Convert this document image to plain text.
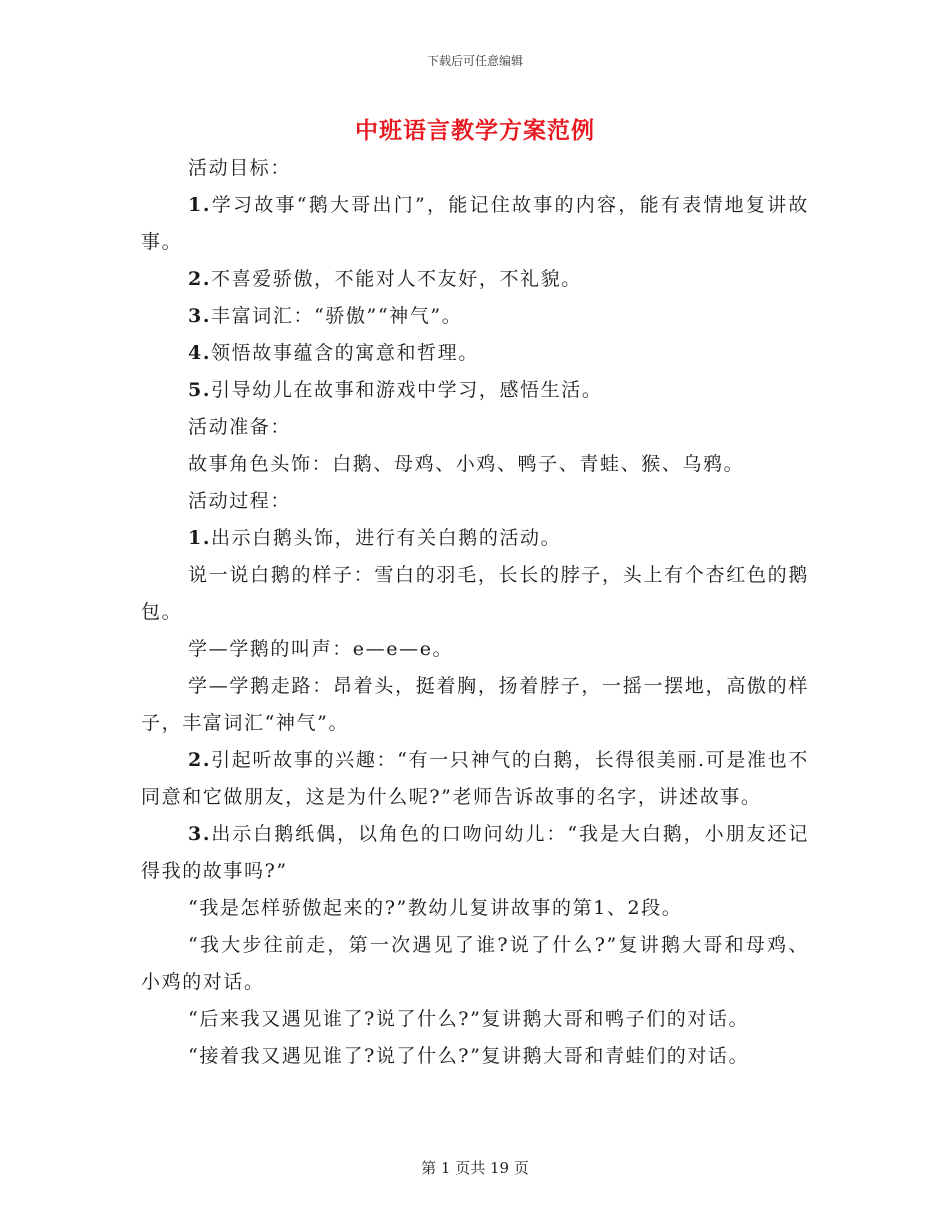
下载后可任意编辑
中班语言教学方案范例

活动目标：

1.学习故事“鹅大哥出门”，能记住故事的内容，能有表情地复讲故事。

2.不喜爱骄傲，不能对人不友好，不礼貌。

3.丰富词汇：“骄傲”“神气”。

4.领悟故事蕴含的寓意和哲理。

5.引导幼儿在故事和游戏中学习，感悟生活。

活动准备：

故事角色头饰：白鹅、母鸡、小鸡、鸭子、青蛙、猴、乌鸦。

活动过程：

1.出示白鹅头饰，进行有关白鹅的活动。

说一说白鹅的样子：雪白的羽毛，长长的脖子，头上有个杏红色的鹅包。

学—学鹅的叫声：e—e—e。

学—学鹅走路：昂着头，挺着胸，扬着脖子，一摇一摆地，高傲的样子，丰富词汇“神气”。

2.引起听故事的兴趣：“有一只神气的白鹅，长得很美丽.可是准也不同意和它做朋友，这是为什么呢?”老师告诉故事的名字，讲述故事。

3.出示白鹅纸偶，以角色的口吻问幼儿：“我是大白鹅，小朋友还记得我的故事吗?”

“我是怎样骄傲起来的?”教幼儿复讲故事的第1、2段。

“我大步往前走，第一次遇见了谁?说了什么?”复讲鹅大哥和母鸡、小鸡的对话。

“后来我又遇见谁了?说了什么?”复讲鹅大哥和鸭子们的对话。

“接着我又遇见谁了?说了什么?”复讲鹅大哥和青蛙们的对话。

第 1 页共 19 页
